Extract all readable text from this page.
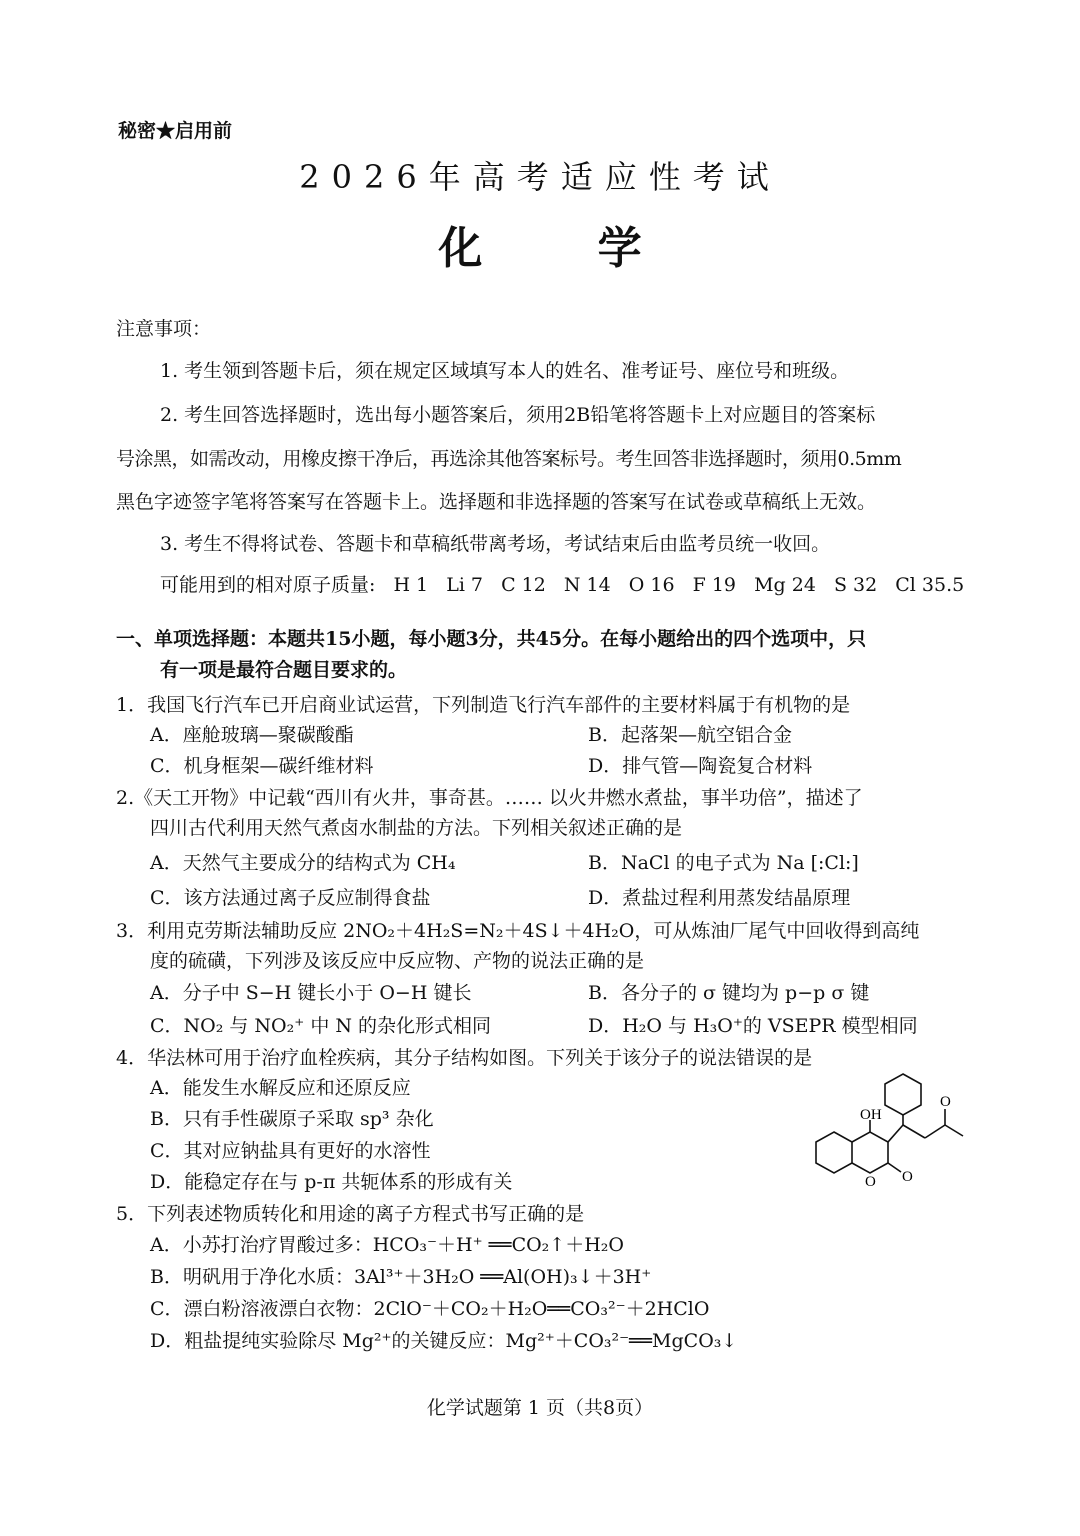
秘密★启用前
2026年高考适应性考试
化 学
注意事项：
1. 考生领到答题卡后，须在规定区域填写本人的姓名、准考证号、座位号和班级。
2. 考生回答选择题时，选出每小题答案后，须用2B铅笔将答题卡上对应题目的答案标
号涂黑，如需改动，用橡皮擦干净后，再选涂其他答案标号。考生回答非选择题时，须用0.5mm
黑色字迹签字笔将答案写在答题卡上。选择题和非选择题的答案写在试卷或草稿纸上无效。
3. 考生不得将试卷、答题卡和草稿纸带离考场，考试结束后由监考员统一收回。
可能用到的相对原子质量: H 1 Li 7 C 12 N 14 O 16 F 19 Mg 24 S 32 Cl 35.5
一、单项选择题：本题共15小题，每小题3分，共45分。在每小题给出的四个选项中，只
有一项是最符合题目要求的。
1．我国飞行汽车已开启商业试运营，下列制造飞行汽车部件的主要材料属于有机物的是
A．座舱玻璃—聚碳酸酯	B．起落架—航空铝合金
C．机身框架—碳纤维材料	D．排气管—陶瓷复合材料
2.《天工开物》中记载“西川有火井，事奇甚。…… 以火井燃水煮盐，事半功倍”，描述了
四川古代利用天然气煮卤水制盐的方法。下列相关叙述正确的是
A．天然气主要成分的结构式为 CH₄	B．NaCl 的电子式为 Na [:Cl:]
C．该方法通过离子反应制得食盐	D．煮盐过程利用蒸发结晶原理
3．利用克劳斯法辅助反应 2NO₂＋4H₂S=N₂＋4S↓＋4H₂O，可从炼油厂尾气中回收得到高纯
度的硫磺，下列涉及该反应中反应物、产物的说法正确的是
A．分子中 S−H 键长小于 O−H 键长	B．各分子的 σ 键均为 p−p σ 键
C．NO₂ 与 NO₂⁺ 中 N 的杂化形式相同	D．H₂O 与 H₃O⁺的 VSEPR 模型相同
4．华法林可用于治疗血栓疾病，其分子结构如图。下列关于该分子的说法错误的是
A．能发生水解反应和还原反应
B．只有手性碳原子采取 sp³ 杂化
C．其对应钠盐具有更好的水溶性
D．能稳定存在与 p-π 共轭体系的形成有关
OH
O
O O
5．下列表述物质转化和用途的离子方程式书写正确的是
A．小苏打治疗胃酸过多：HCO₃⁻＋H⁺ ══CO₂↑＋H₂O
B．明矾用于净化水质：3Al³⁺＋3H₂O ══Al(OH)₃↓＋3H⁺
C．漂白粉溶液漂白衣物：2ClO⁻＋CO₂＋H₂O══CO₃²⁻＋2HClO
D．粗盐提纯实验除尽 Mg²⁺的关键反应：Mg²⁺＋CO₃²⁻══MgCO₃↓
化学试题第 1 页（共8页）
